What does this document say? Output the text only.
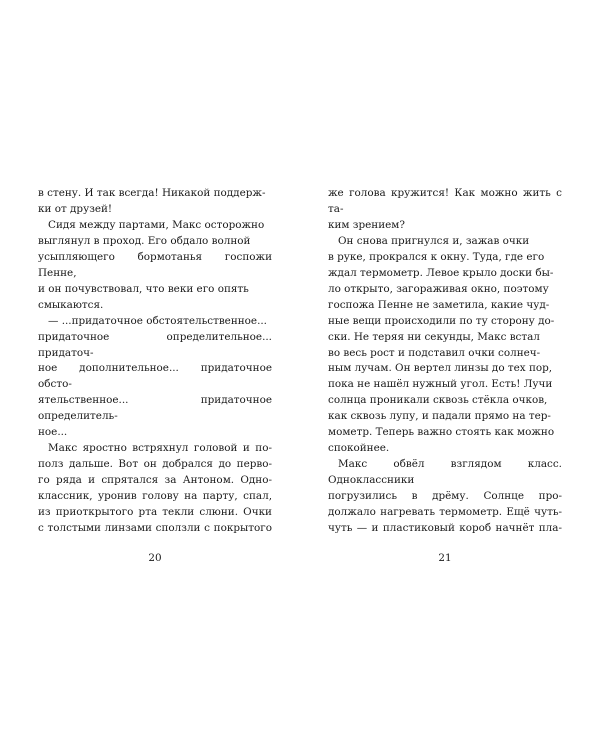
в стену. И так всегда! Никакой поддерж-
ки от друзей!

Сидя между партами, Макс осторожно
выглянул в проход. Его обдало волной
усыпляющего бормотанья госпожи Пенне,
и он почувствовал, что веки его опять
смыкаются.

— ...придаточное обстоятельственное...
придаточное определительное... придаточ-
ное дополнительное... придаточное обсто-
ятельственное... придаточное определитель-
ное...

Макс яростно встряхнул головой и по-
полз дальше. Вот он добрался до перво-
го ряда и спрятался за Антоном. Одно-
классник, уронив голову на парту, спал,
из приоткрытого рта текли слюни. Очки
с толстыми линзами сползли с покрытого

20

же голова кружится! Как можно жить с та-
ким зрением?

Он снова пригнулся и, зажав очки
в руке, прокрался к окну. Туда, где его
ждал термометр. Левое крыло доски бы-
ло открыто, загораживая окно, поэтому
госпожа Пенне не заметила, какие чуд-
ные вещи происходили по ту сторону до-
ски. Не теряя ни секунды, Макс встал
во весь рост и подставил очки солнеч-
ным лучам. Он вертел линзы до тех пор,
пока не нашёл нужный угол. Есть! Лучи
солнца проникали сквозь стёкла очков,
как сквозь лупу, и падали прямо на тер-
мометр. Теперь важно стоять как можно
спокойнее.

Макс обвёл взглядом класс. Одноклассники
погрузились в дрёму. Солнце про-
должало нагревать термометр. Ещё чуть-
чуть — и пластиковый короб начнёт пла-

21
